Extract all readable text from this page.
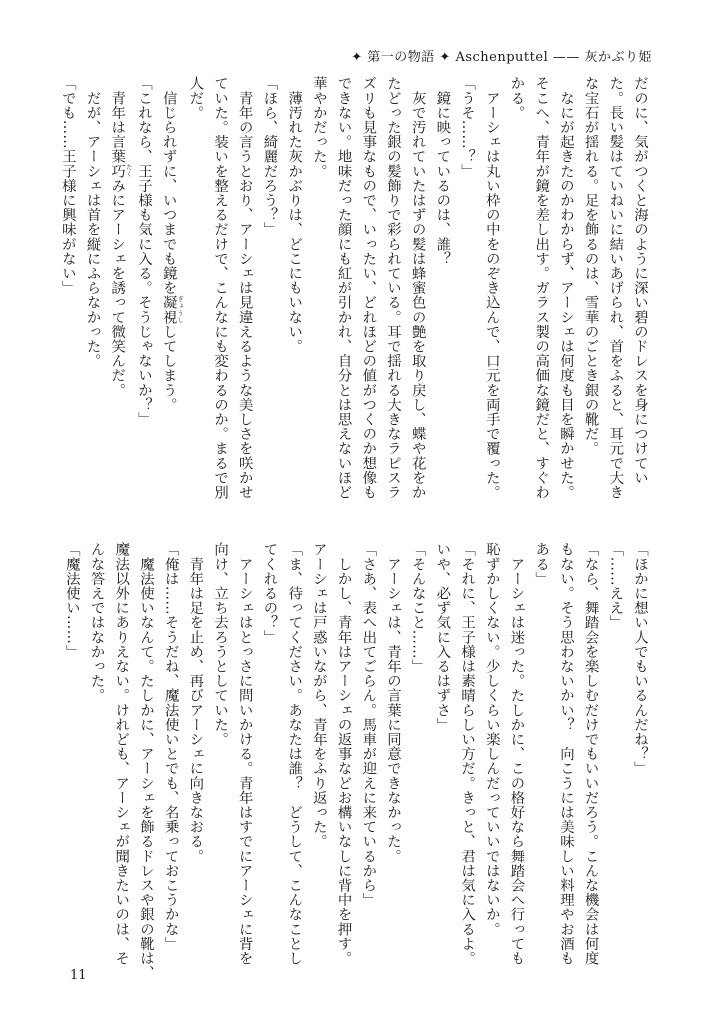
✦ 第一の物語 ✦ Aschenputtel —— 灰かぶり姫
だのに、気がつくと海のように深い碧のドレスを身につけてい
た。長い髪はていねいに結いあげられ、首をふると、耳元で大き
な宝石が揺れる。足を飾るのは、雪華のごとき銀の靴だ。
　なにが起きたのかわからず、アーシェは何度も目を瞬かせた。
そこへ、青年が鏡を差し出す。ガラス製の高価な鏡だと、すぐわ
かる。
　アーシェは丸い枠の中をのぞき込んで、口元を両手で覆った。
「うそ……？」
　鏡に映っているのは、誰？
　灰で汚れていたはずの髪は蜂蜜色の艶を取り戻し、蝶や花をか
たどった銀の髪飾りで彩られている。耳で揺れる大きなラピスラ
ズリも見事なもので、いったい、どれほどの値がつくのか想像も
できない。地味だった顔にも紅が引かれ、自分とは思えないほど
華やかだった。
　薄汚れた灰かぶりは、どこにもいない。
「ほら、綺麗だろう？」
　青年の言うとおり、アーシェは見違えるような美しさを咲かせ
ていた。装いを整えるだけで、こんなにも変わるのか。まるで別
人だ。
　信じられずに、いつまでも鏡を凝視 ぎょうししてしまう。
「これなら、王子様も気に入る。そうじゃないか？」
　青年は言葉巧 たくみにアーシェを誘って微笑んだ。
　だが、アーシェは首を縦にふらなかった。
「でも……王子様に興味がない」
「ほかに想い人でもいるんだね？」
「……ええ」
「なら、舞踏会を楽しむだけでもいいだろう。こんな機会は何度
もない。そう思わないかい？　向こうには美味しい料理やお酒も
ある」
　アーシェは迷った。たしかに、この格好なら舞踏会へ行っても
恥ずかしくない。少しくらい楽しんだっていいではないか。
「それに、王子様は素晴らしい方だ。きっと、君は気に入るよ。
いや、必ず気に入るはずさ」
「そんなこと……」
　アーシェは、青年の言葉に同意できなかった。
「さあ、表へ出てごらん。馬車が迎えに来ているから」
　しかし、青年はアーシェの返事などお構いなしに背中を押す。
アーシェは戸惑いながら、青年をふり返った。
「ま、待ってください。あなたは誰？　どうして、こんなことし
てくれるの？」
　アーシェはとっさに問いかける。青年はすでにアーシェに背を
向け、立ち去ろうとしていた。
　青年は足を止め、再びアーシェに向きなおる。
「俺は……そうだね、魔法使いとでも、名乗っておこうかな」
　魔法使いなんて。たしかに、アーシェを飾るドレスや銀の靴は、
魔法以外にありえない。けれども、アーシェが聞きたいのは、そ
んな答えではなかった。
「魔法使い……」
11
